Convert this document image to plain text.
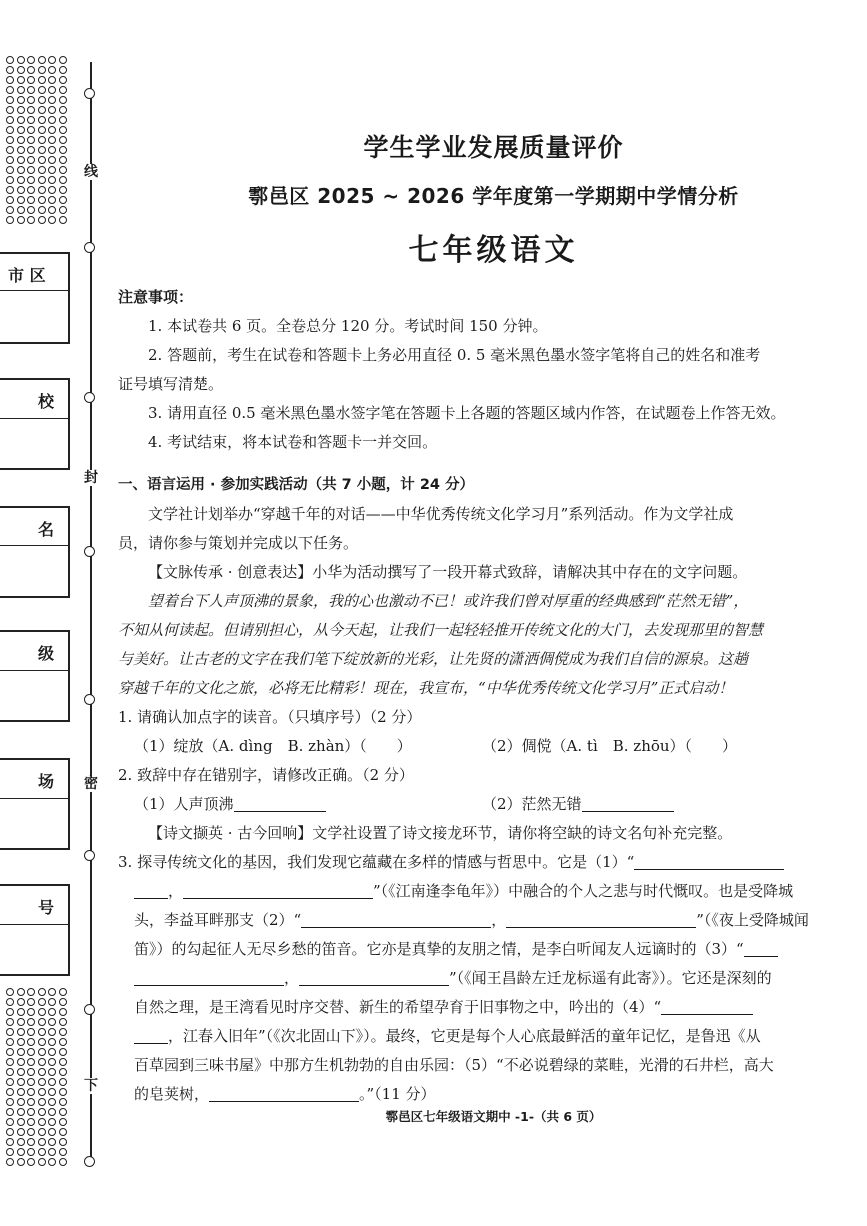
线
封
密
下
市 区
校
名
级
场
号
学生学业发展质量评价
鄠邑区 2025 ~ 2026 学年度第一学期期中学情分析
七年级语文

注意事项：

1. 本试卷共 6 页。全卷总分 120 分。考试时间 150 分钟。

2. 答题前，考生在试卷和答题卡上务必用直径 0. 5 毫米黑色墨水签字笔将自己的姓名和准考

证号填写清楚。

3. 请用直径 0.5 毫米黑色墨水签字笔在答题卡上各题的答题区域内作答，在试题卷上作答无效。

4. 考试结束，将本试卷和答题卡一并交回。

一、语言运用 · 参加实践活动（共 7 小题，计 24 分）

文学社计划举办“穿越千年的对话——中华优秀传统文化学习月”系列活动。作为文学社成

员，请你参与策划并完成以下任务。

【文脉传承 · 创意表达】小华为活动撰写了一段开幕式致辞，请解决其中存在的文字问题。

望着台下人声顶沸的景象，我的心也激动不已！或许我们曾对厚重的经典感到“茫然无错”，

不知从何读起。但请别担心，从今天起，让我们一起轻轻推开传统文化的大门，去发现那里的智慧

与美好。让古老的文字在我们笔下绽放新的光彩，让先贤的潇洒倜傥成为我们自信的源泉。这趟

穿越千年的文化之旅，必将无比精彩！现在，我宣布，“中华优秀传统文化学习月”正式启动！

1. 请确认加点字的读音。（只填序号）（2 分）

（1）绽放（A. dìng　B. zhàn）（　　）	（2）倜傥（A. tì　B. zhōu）（　　）

2. 致辞中存在错别字，请修改正确。（2 分）

（1）人声顶沸	（2）茫然无错

【诗文撷英 · 古今回响】文学社设置了诗文接龙环节，请你将空缺的诗文名句补充完整。

3. 探寻传统文化的基因，我们发现它蕴藏在多样的情感与哲思中。它是（1）“

，	”（《江南逢李龟年》）中融合的个人之悲与时代慨叹。也是受降城

头，李益耳畔那支（2）“	，	”（《夜上受降城闻

笛》）的勾起征人无尽乡愁的笛音。它亦是真挚的友朋之情，是李白听闻友人远谪时的（3）“

，	”（《闻王昌龄左迁龙标遥有此寄》）。它还是深刻的

自然之理，是王湾看见时序交替、新生的希望孕育于旧事物之中，吟出的（4）“

，江春入旧年”（《次北固山下》）。最终，它更是每个人心底最鲜活的童年记忆，是鲁迅《从

百草园到三味书屋》中那方生机勃勃的自由乐园：（5）“不必说碧绿的菜畦，光滑的石井栏，高大

的皂荚树，	。”（11 分）

鄠邑区七年级语文期中 -1-（共 6 页）
